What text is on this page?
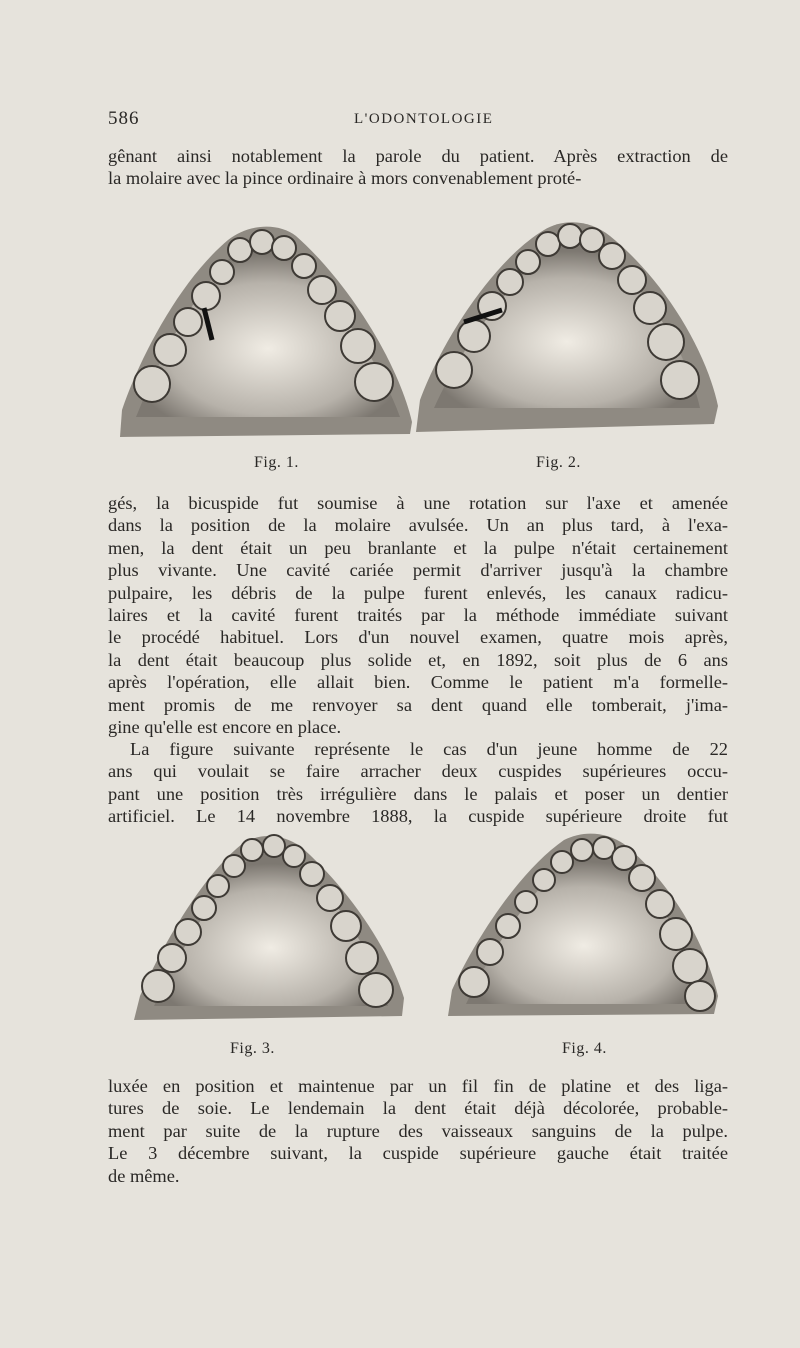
586	L'ODONTOLOGIE

gênant ainsi notablement la parole du patient. Après extraction de
la molaire avec la pince ordinaire à mors convenablement proté-

Fig. 1.	Fig. 2.

gés, la bicuspide fut soumise à une rotation sur l'axe et amenée
dans la position de la molaire avulsée. Un an plus tard, à l'exa-
men, la dent était un peu branlante et la pulpe n'était certainement
plus vivante. Une cavité cariée permit d'arriver jusqu'à la chambre
pulpaire, les débris de la pulpe furent enlevés, les canaux radicu-
laires et la cavité furent traités par la méthode immédiate suivant
le procédé habituel. Lors d'un nouvel examen, quatre mois après,
la dent était beaucoup plus solide et, en 1892, soit plus de 6 ans
après l'opération, elle allait bien. Comme le patient m'a formelle-
ment promis de me renvoyer sa dent quand elle tomberait, j'ima-
gine qu'elle est encore en place.

La figure suivante représente le cas d'un jeune homme de 22
ans qui voulait se faire arracher deux cuspides supérieures occu-
pant une position très irrégulière dans le palais et poser un dentier
artificiel. Le 14 novembre 1888, la cuspide supérieure droite fut

Fig. 3.	Fig. 4.

luxée en position et maintenue par un fil fin de platine et des liga-
tures de soie. Le lendemain la dent était déjà décolorée, probable-
ment par suite de la rupture des vaisseaux sanguins de la pulpe.
Le 3 décembre suivant, la cuspide supérieure gauche était traitée
de même.
